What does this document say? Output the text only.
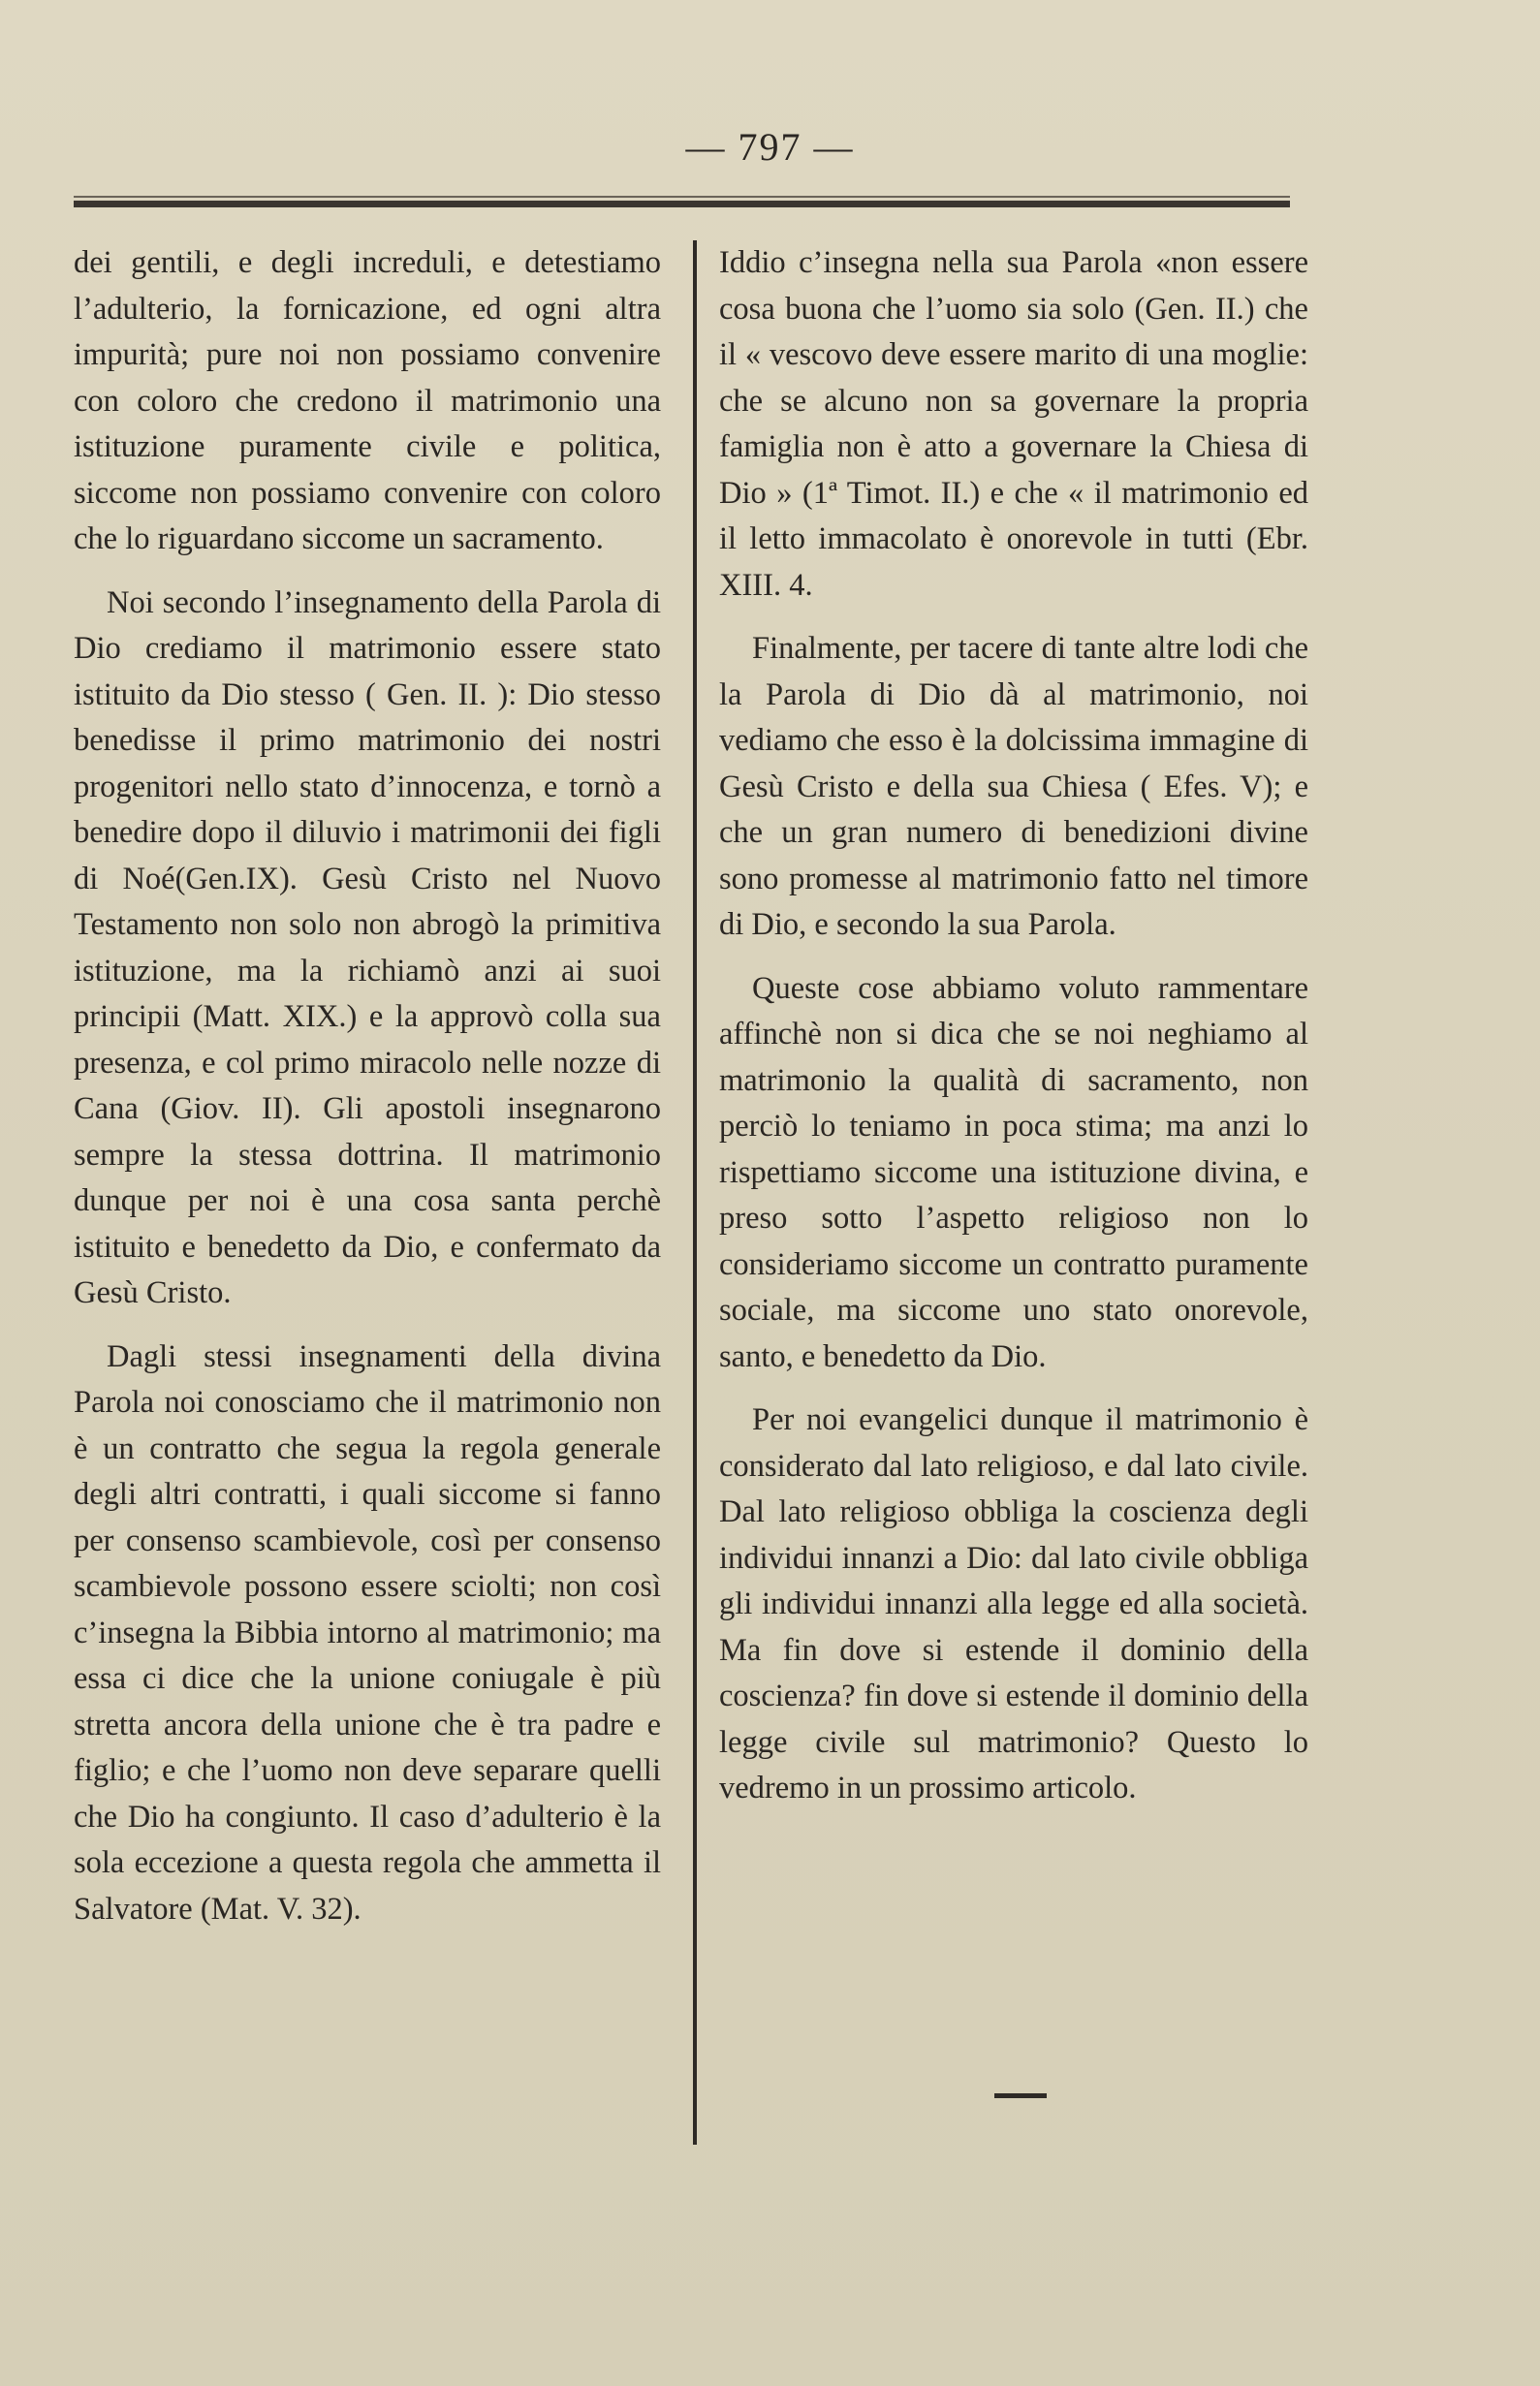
— 797 —

dei gentili, e degli increduli, e detestiamo l’adulterio, la fornicazione, ed ogni altra impurità; pure noi non possiamo convenire con coloro che credono il matrimonio una istituzione puramente civile e politica, siccome non possiamo convenire con coloro che lo riguardano siccome un sacramento.

Noi secondo l’insegnamento della Parola di Dio crediamo il matrimonio essere stato istituito da Dio stesso ( Gen. II. ): Dio stesso benedisse il primo matrimonio dei nostri progenitori nello stato d’innocenza, e tornò a benedire dopo il diluvio i matrimonii dei figli di Noé(Gen.IX). Gesù Cristo nel Nuovo Testamento non solo non abrogò la primitiva istituzione, ma la richiamò anzi ai suoi principii (Matt. XIX.) e la approvò colla sua presenza, e col primo miracolo nelle nozze di Cana (Giov. II). Gli apostoli insegnarono sempre la stessa dottrina. Il matrimonio dunque per noi è una cosa santa perchè istituito e benedetto da Dio, e confermato da Gesù Cristo.

Dagli stessi insegnamenti della divina Parola noi conosciamo che il matrimonio non è un contratto che segua la regola generale degli altri contratti, i quali siccome si fanno per consenso scambievole, così per consenso scambievole possono essere sciolti; non così c’insegna la Bibbia intorno al matrimonio; ma essa ci dice che la unione coniugale è più stretta ancora della unione che è tra padre e figlio; e che l’uomo non deve separare quelli che Dio ha congiunto. Il caso d’adulterio è la sola eccezione a questa regola che ammetta il Salvatore (Mat. V. 32).

Iddio c’insegna nella sua Parola «non essere cosa buona che l’uomo sia solo (Gen. II.) che il « vescovo deve essere marito di una moglie: che se alcuno non sa governare la propria famiglia non è atto a governare la Chiesa di Dio » (1ª Timot. II.) e che « il matrimonio ed il letto immacolato è onorevole in tutti (Ebr. XIII. 4.

Finalmente, per tacere di tante altre lodi che la Parola di Dio dà al matrimonio, noi vediamo che esso è la dolcissima immagine di Gesù Cristo e della sua Chiesa ( Efes. V); e che un gran numero di benedizioni divine sono promesse al matrimonio fatto nel timore di Dio, e secondo la sua Parola.

Queste cose abbiamo voluto rammentare affinchè non si dica che se noi neghiamo al matrimonio la qualità di sacramento, non perciò lo teniamo in poca stima; ma anzi lo rispettiamo siccome una istituzione divina, e preso sotto l’aspetto religioso non lo consideriamo siccome un contratto puramente sociale, ma siccome uno stato onorevole, santo, e benedetto da Dio.

Per noi evangelici dunque il matrimonio è considerato dal lato religioso, e dal lato civile. Dal lato religioso obbliga la coscienza degli individui innanzi a Dio: dal lato civile obbliga gli individui innanzi alla legge ed alla società. Ma fin dove si estende il dominio della coscienza? fin dove si estende il dominio della legge civile sul matrimonio? Questo lo vedremo in un prossimo articolo.
